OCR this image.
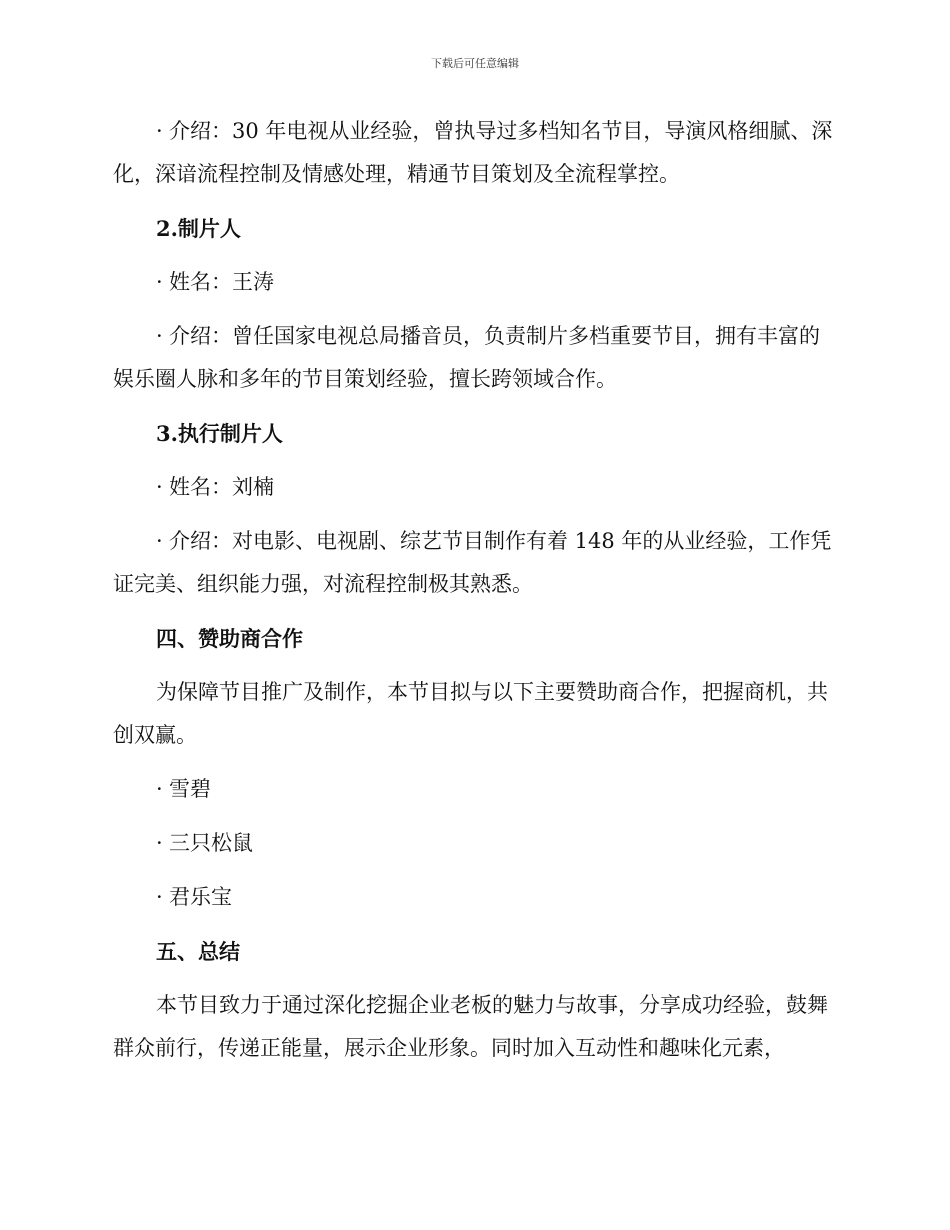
下载后可任意编辑

· 介绍：30 年电视从业经验，曾执导过多档知名节目，导演风格细腻、深化，深谙流程控制及情感处理，精通节目策划及全流程掌控。

2.制片人

· 姓名：王涛

· 介绍：曾任国家电视总局播音员，负责制片多档重要节目，拥有丰富的娱乐圈人脉和多年的节目策划经验，擅长跨领域合作。

3.执行制片人

· 姓名：刘楠

· 介绍：对电影、电视剧、综艺节目制作有着 148 年的从业经验，工作凭证完美、组织能力强，对流程控制极其熟悉。

四、赞助商合作

为保障节目推广及制作，本节目拟与以下主要赞助商合作，把握商机，共创双赢。

· 雪碧

· 三只松鼠

· 君乐宝

五、总结

本节目致力于通过深化挖掘企业老板的魅力与故事，分享成功经验，鼓舞群众前行，传递正能量，展示企业形象。同时加入互动性和趣味化元素，
